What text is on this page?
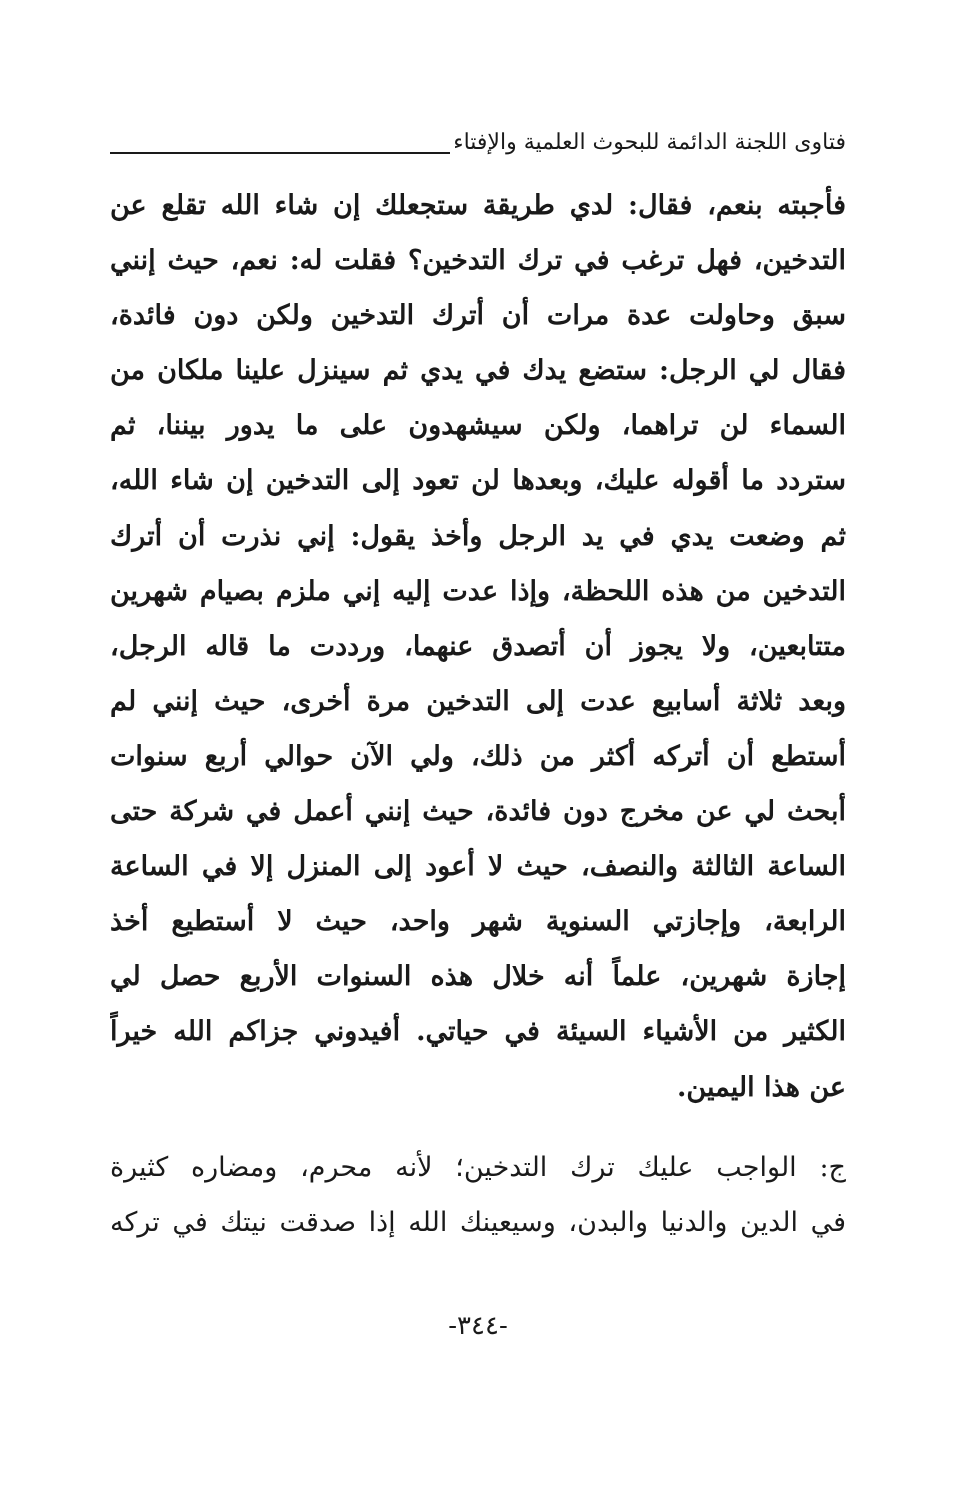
فتاوى اللجنة الدائمة للبحوث العلمية والإفتاء
فأجبته بنعم، فقال: لدي طريقة ستجعلك إن شاء الله تقلع عن
التدخين، فهل ترغب في ترك التدخين؟ فقلت له: نعم، حيث إنني
سبق وحاولت عدة مرات أن أترك التدخين ولكن دون فائدة،
فقال لي الرجل: ستضع يدك في يدي ثم سينزل علينا ملكان من
السماء لن تراهما، ولكن سيشهدون على ما يدور بيننا، ثم
ستردد ما أقوله عليك، وبعدها لن تعود إلى التدخين إن شاء الله،
ثم وضعت يدي في يد الرجل وأخذ يقول: إني نذرت أن أترك
التدخين من هذه اللحظة، وإذا عدت إليه إني ملزم بصيام شهرين
متتابعين، ولا يجوز أن أتصدق عنهما، ورددت ما قاله الرجل،
وبعد ثلاثة أسابيع عدت إلى التدخين مرة أخرى، حيث إنني لم
أستطع أن أتركه أكثر من ذلك، ولي الآن حوالي أربع سنوات
أبحث لي عن مخرج دون فائدة، حيث إنني أعمل في شركة حتى
الساعة الثالثة والنصف، حيث لا أعود إلى المنزل إلا في الساعة
الرابعة، وإجازتي السنوية شهر واحد، حيث لا أستطيع أخذ
إجازة شهرين، علماً أنه خلال هذه السنوات الأربع حصل لي
الكثير من الأشياء السيئة في حياتي. أفيدوني جزاكم الله خيراً
عن هذا اليمين.
ج: الواجب عليك ترك التدخين؛ لأنه محرم، ومضاره كثيرة
في الدين والدنيا والبدن، وسيعينك الله إذا صدقت نيتك في تركه
-٣٤٤-
